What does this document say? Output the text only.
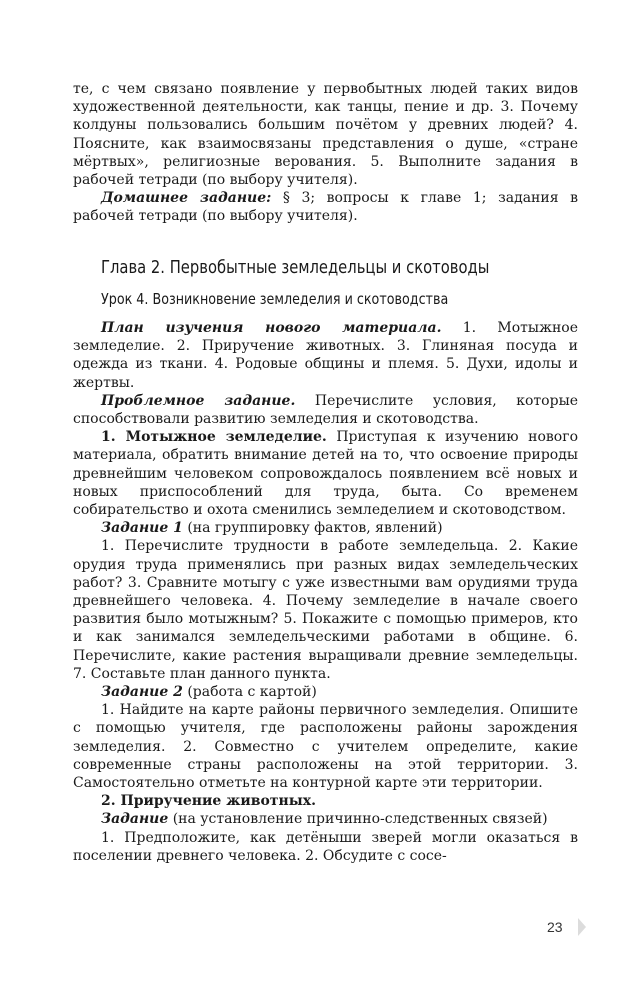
те, с чем связано появление у первобытных людей таких видов художественной деятельности, как танцы, пение и др. 3. Почему колдуны пользовались большим почётом у древних людей? 4. Поясните, как взаимосвязаны представления о душе, «стране мёртвых», религиозные верования. 5. Выполните задания в рабочей тетради (по выбору учителя).

Домашнее задание: § 3; вопросы к главе 1; задания в рабочей тетради (по выбору учителя).

Глава 2. Первобытные земледельцы и скотоводы
Урок 4. Возникновение земледелия и скотоводства

План изучения нового материала. 1. Мотыжное земледелие. 2. Приручение животных. 3. Глиняная посуда и одежда из ткани. 4. Родовые общины и племя. 5. Духи, идолы и жертвы.

Проблемное задание. Перечислите условия, которые способствовали развитию земледелия и скотоводства.

1. Мотыжное земледелие. Приступая к изучению нового материала, обратить внимание детей на то, что освоение природы древнейшим человеком сопровождалось появлением всё новых и новых приспособлений для труда, быта. Со временем собирательство и охота сменились земледелием и скотоводством.

Задание 1 (на группировку фактов, явлений)

1. Перечислите трудности в работе земледельца. 2. Какие орудия труда применялись при разных видах земледельческих работ? 3. Сравните мотыгу с уже известными вам орудиями труда древнейшего человека. 4. Почему земледелие в начале своего развития было мотыжным? 5. Покажите с помощью примеров, кто и как занимался земледельческими работами в общине. 6. Перечислите, какие растения выращивали древние земледельцы. 7. Составьте план данного пункта.

Задание 2 (работа с картой)

1. Найдите на карте районы первичного земледелия. Опишите с помощью учителя, где расположены районы зарождения земледелия. 2. Совместно с учителем определите, какие современные страны расположены на этой территории. 3. Самостоятельно отметьте на контурной карте эти территории.

2. Приручение животных.

Задание (на установление причинно-следственных связей)

1. Предположите, как детёныши зверей могли оказаться в поселении древнего человека. 2. Обсудите с сосе-

23
